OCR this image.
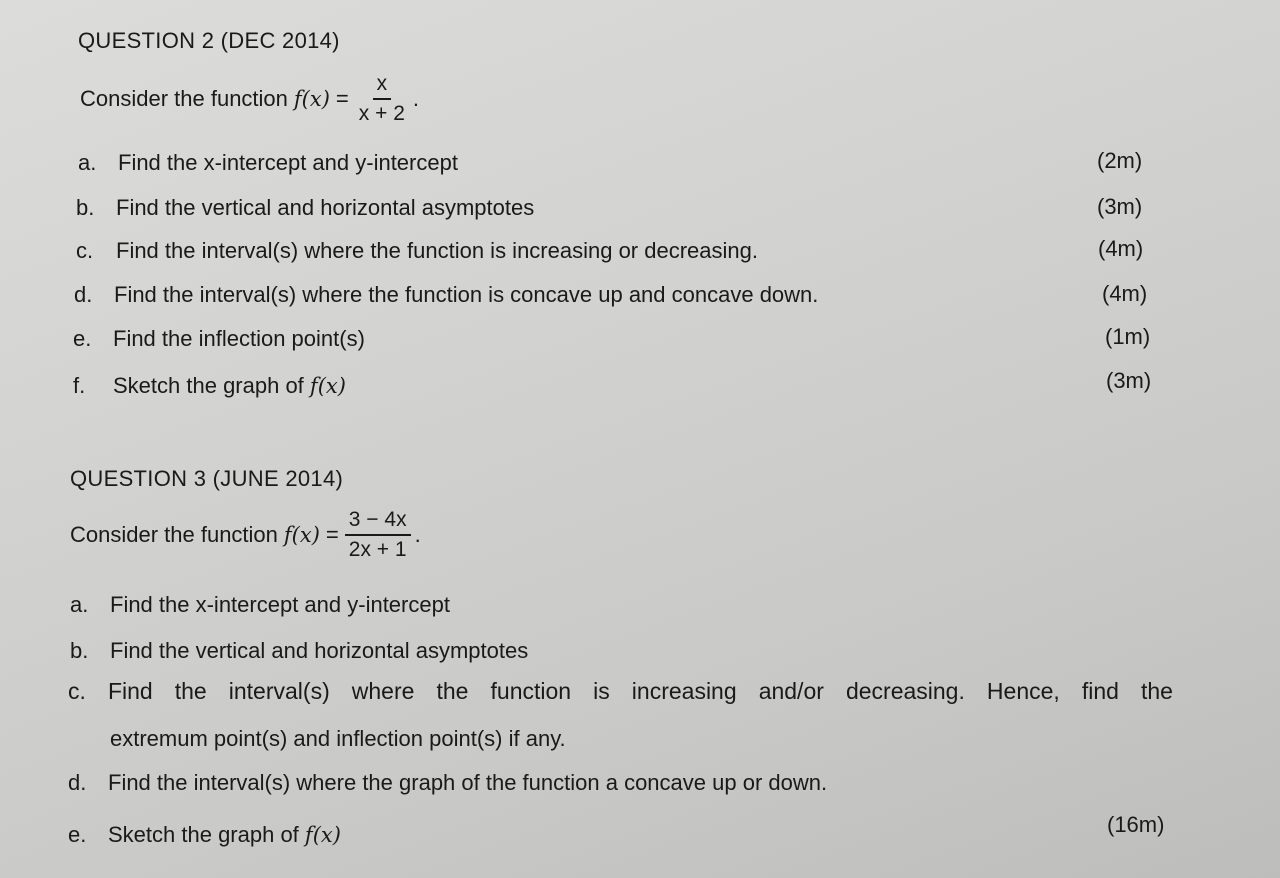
QUESTION 2 (DEC 2014)
Consider the function $f(x) = \frac{x}{x + 2}$ .
a. Find the x-intercept and y-intercept	(2m)
b. Find the vertical and horizontal asymptotes	(3m)
c. Find the interval(s) where the function is increasing or decreasing.	(4m)
d. Find the interval(s) where the function is concave up and concave down.	(4m)
e. Find the inflection point(s)	(1m)
f. Sketch the graph of f(x)	(3m)
QUESTION 3 (JUNE 2014)
Consider the function $f(x) = \frac{3 - 4x}{2x + 1}$ .
a. Find the x-intercept and y-intercept
b. Find the vertical and horizontal asymptotes
c. Find the interval(s) where the function is increasing and/or decreasing. Hence, find the
extremum point(s) and inflection point(s) if any.
d. Find the interval(s) where the graph of the function a concave up or down.
e. Sketch the graph of f(x)	(16m)
